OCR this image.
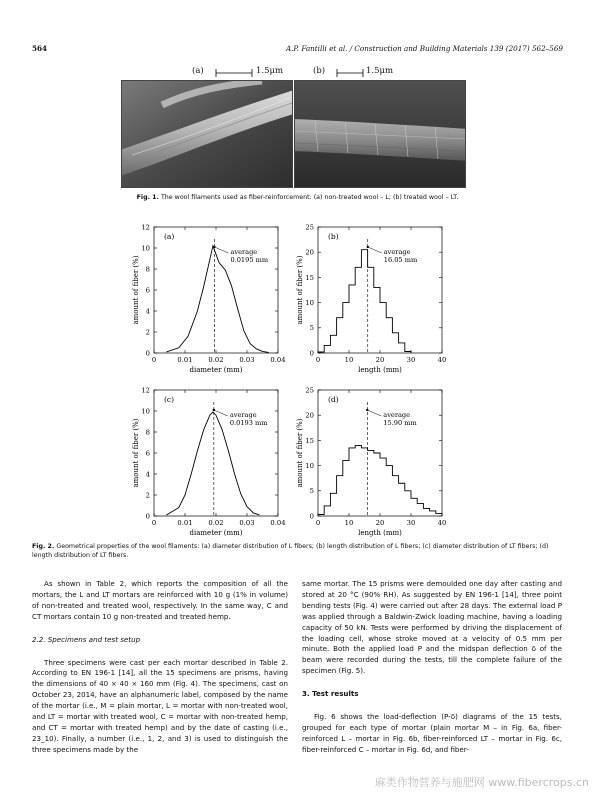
564	A.P. Fantilli et al. / Construction and Building Materials 139 (2017) 562–569
(a)	1.5μm	(b)	1.5μm
Fig. 1. The wool filaments used as fiber-reinforcement: (a) non-treated wool – L; (b) treated wool – LT.
0	0.01 0.02 0.03 0.04
0
2
4
6
8
10
12
diameter (mm)
amount of fiber (%)
(a)
average
0.0195 mm
0	10	20	30	40
0
5
10
15
20
25
length (mm)
amount of fiber (%)
(b)
average
16.05 mm
0	0.01 0.02 0.03 0.04
0
2
4
6
8
10
12
diameter (mm)
amount of fiber (%)
(c)
average
0.0193 mm
0	10	20	30	40
0
5
10
15
20
25
length (mm)
amount of fiber (%)
(d)
average
15.90 mm
Fig. 2. Geometrical properties of the wool filaments: (a) diameter distribution of L fibers; (b) length distribution of L fibers; (c) diameter distribution of LT fibers; (d) length distribution of LT fibers.

As shown in Table 2, which reports the composition of all the mortars, the L and LT mortars are reinforced with 10 g (1% in volume) of non-treated and treated wool, respectively. In the same way, C and CT mortars contain 10 g non-treated and treated hemp.

2.2. Specimens and test setup

Three specimens were cast per each mortar described in Table 2. According to EN 196-1 [14], all the 15 specimens are prisms, having the dimensions of 40 × 40 × 160 mm (Fig. 4). The specimens, cast on October 23, 2014, have an alphanumeric label, composed by the name of the mortar (i.e., M = plain mortar, L = mortar with non-treated wool, and LT = mortar with treated wool, C = mortar with non-treated hemp, and CT = mortar with treated hemp) and by the date of casting (i.e., 23_10). Finally, a number (i.e., 1, 2, and 3) is used to distinguish the three specimens made by the

same mortar. The 15 prisms were demoulded one day after casting and stored at 20 °C (90% RH). As suggested by EN 196-1 [14], three point bending tests (Fig. 4) were carried out after 28 days. The external load P was applied through a Baldwin-Zwick loading machine, having a loading capacity of 50 kN. Tests were performed by driving the displacement of the loading cell, whose stroke moved at a velocity of 0.5 mm per minute. Both the applied load P and the midspan deflection δ of the beam were recorded during the tests, till the complete failure of the specimen (Fig. 5).

3. Test results

Fig. 6 shows the load-deflection (P-δ) diagrams of the 15 tests, grouped for each type of mortar (plain mortar M – in Fig. 6a, fiber-reinforced L – mortar in Fig. 6b, fiber-reinforced LT – mortar in Fig. 6c, fiber-reinforced C – mortar in Fig. 6d, and fiber-

麻类作物营养与施肥网 www.fibercrops.cn
